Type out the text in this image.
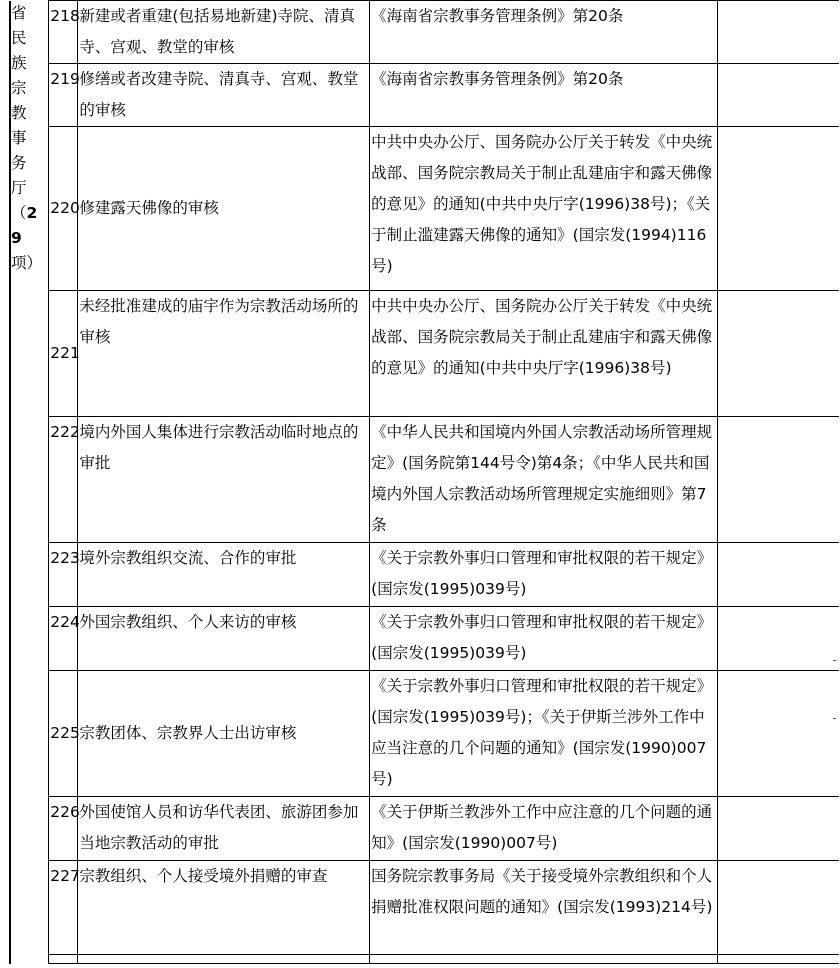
省民族宗教事务厅（29项）	218	新建或者重建(包括易地新建)寺院、清真寺、宫观、教堂的审核	《海南省宗教事务管理条例》第20条	
	219	修缮或者改建寺院、清真寺、宫观、教堂的审核	《海南省宗教事务管理条例》第20条	
	220	修建露天佛像的审核	中共中央办公厅、国务院办公厅关于转发《中央统战部、国务院宗教局关于制止乱建庙宇和露天佛像的意见》的通知(中共中央厅字(1996)38号)；《关于制止滥建露天佛像的通知》(国宗发(1994)116号)	
	221	未经批准建成的庙宇作为宗教活动场所的审核	中共中央办公厅、国务院办公厅关于转发《中央统战部、国务院宗教局关于制止乱建庙宇和露天佛像的意见》的通知(中共中央厅字(1996)38号)	
	222	境内外国人集体进行宗教活动临时地点的审批	《中华人民共和国境内外国人宗教活动场所管理规定》(国务院第144号令)第4条；《中华人民共和国境内外国人宗教活动场所管理规定实施细则》第7条	
	223	境外宗教组织交流、合作的审批	《关于宗教外事归口管理和审批权限的若干规定》(国宗发(1995)039号)	
	224	外国宗教组织、个人来访的审核	《关于宗教外事归口管理和审批权限的若干规定》(国宗发(1995)039号)	
	225	宗教团体、宗教界人士出访审核	《关于宗教外事归口管理和审批权限的若干规定》(国宗发(1995)039号)；《关于伊斯兰涉外工作中应当注意的几个问题的通知》(国宗发(1990)007号)	
	226	外国使馆人员和访华代表团、旅游团参加当地宗教活动的审批	《关于伊斯兰教涉外工作中应注意的几个问题的通知》(国宗发(1990)007号)	
	227	宗教组织、个人接受境外捐赠的审查	国务院宗教事务局《关于接受境外宗教组织和个人捐赠批准权限问题的通知》(国宗发(1993)214号)	
